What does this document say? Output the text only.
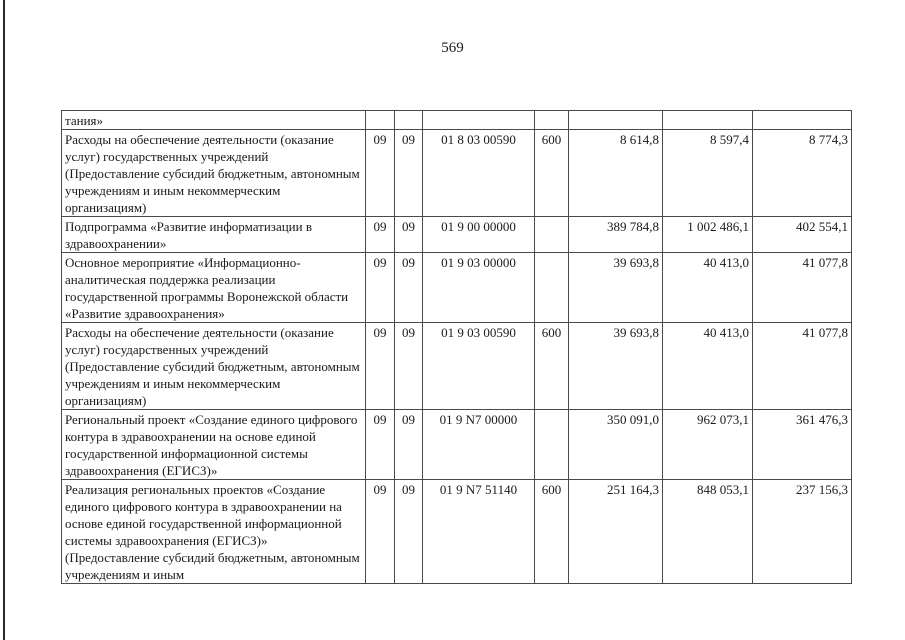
569
тания»							
Расходы на обеспечение деятельности (оказание услуг) государственных учреждений (Предоставление субсидий бюджетным, автономным учреждениям и иным некоммерческим организациям)	09	09	01 8 03 00590	600	8 614,8	8 597,4	8 774,3
Подпрограмма «Развитие информатизации в здравоохранении»	09	09	01 9 00 00000		389 784,8	1 002 486,1	402 554,1
Основное мероприятие «Информационно-аналитическая поддержка реализации государственной программы Воронежской области «Развитие здравоохранения»	09	09	01 9 03 00000		39 693,8	40 413,0	41 077,8
Расходы на обеспечение деятельности (оказание услуг) государственных учреждений (Предоставление субсидий бюджетным, автономным учреждениям и иным некоммерческим организациям)	09	09	01 9 03 00590	600	39 693,8	40 413,0	41 077,8
Региональный проект «Создание единого цифрового контура в здравоохранении на основе единой государственной информационной системы здравоохранения (ЕГИСЗ)»	09	09	01 9 N7 00000		350 091,0	962 073,1	361 476,3
Реализация региональных проектов «Создание единого цифрового контура в здравоохранении на основе единой государственной информационной системы здравоохранения (ЕГИСЗ)» (Предоставление субсидий бюджетным, автономным учреждениям и иным	09	09	01 9 N7 51140	600	251 164,3	848 053,1	237 156,3
